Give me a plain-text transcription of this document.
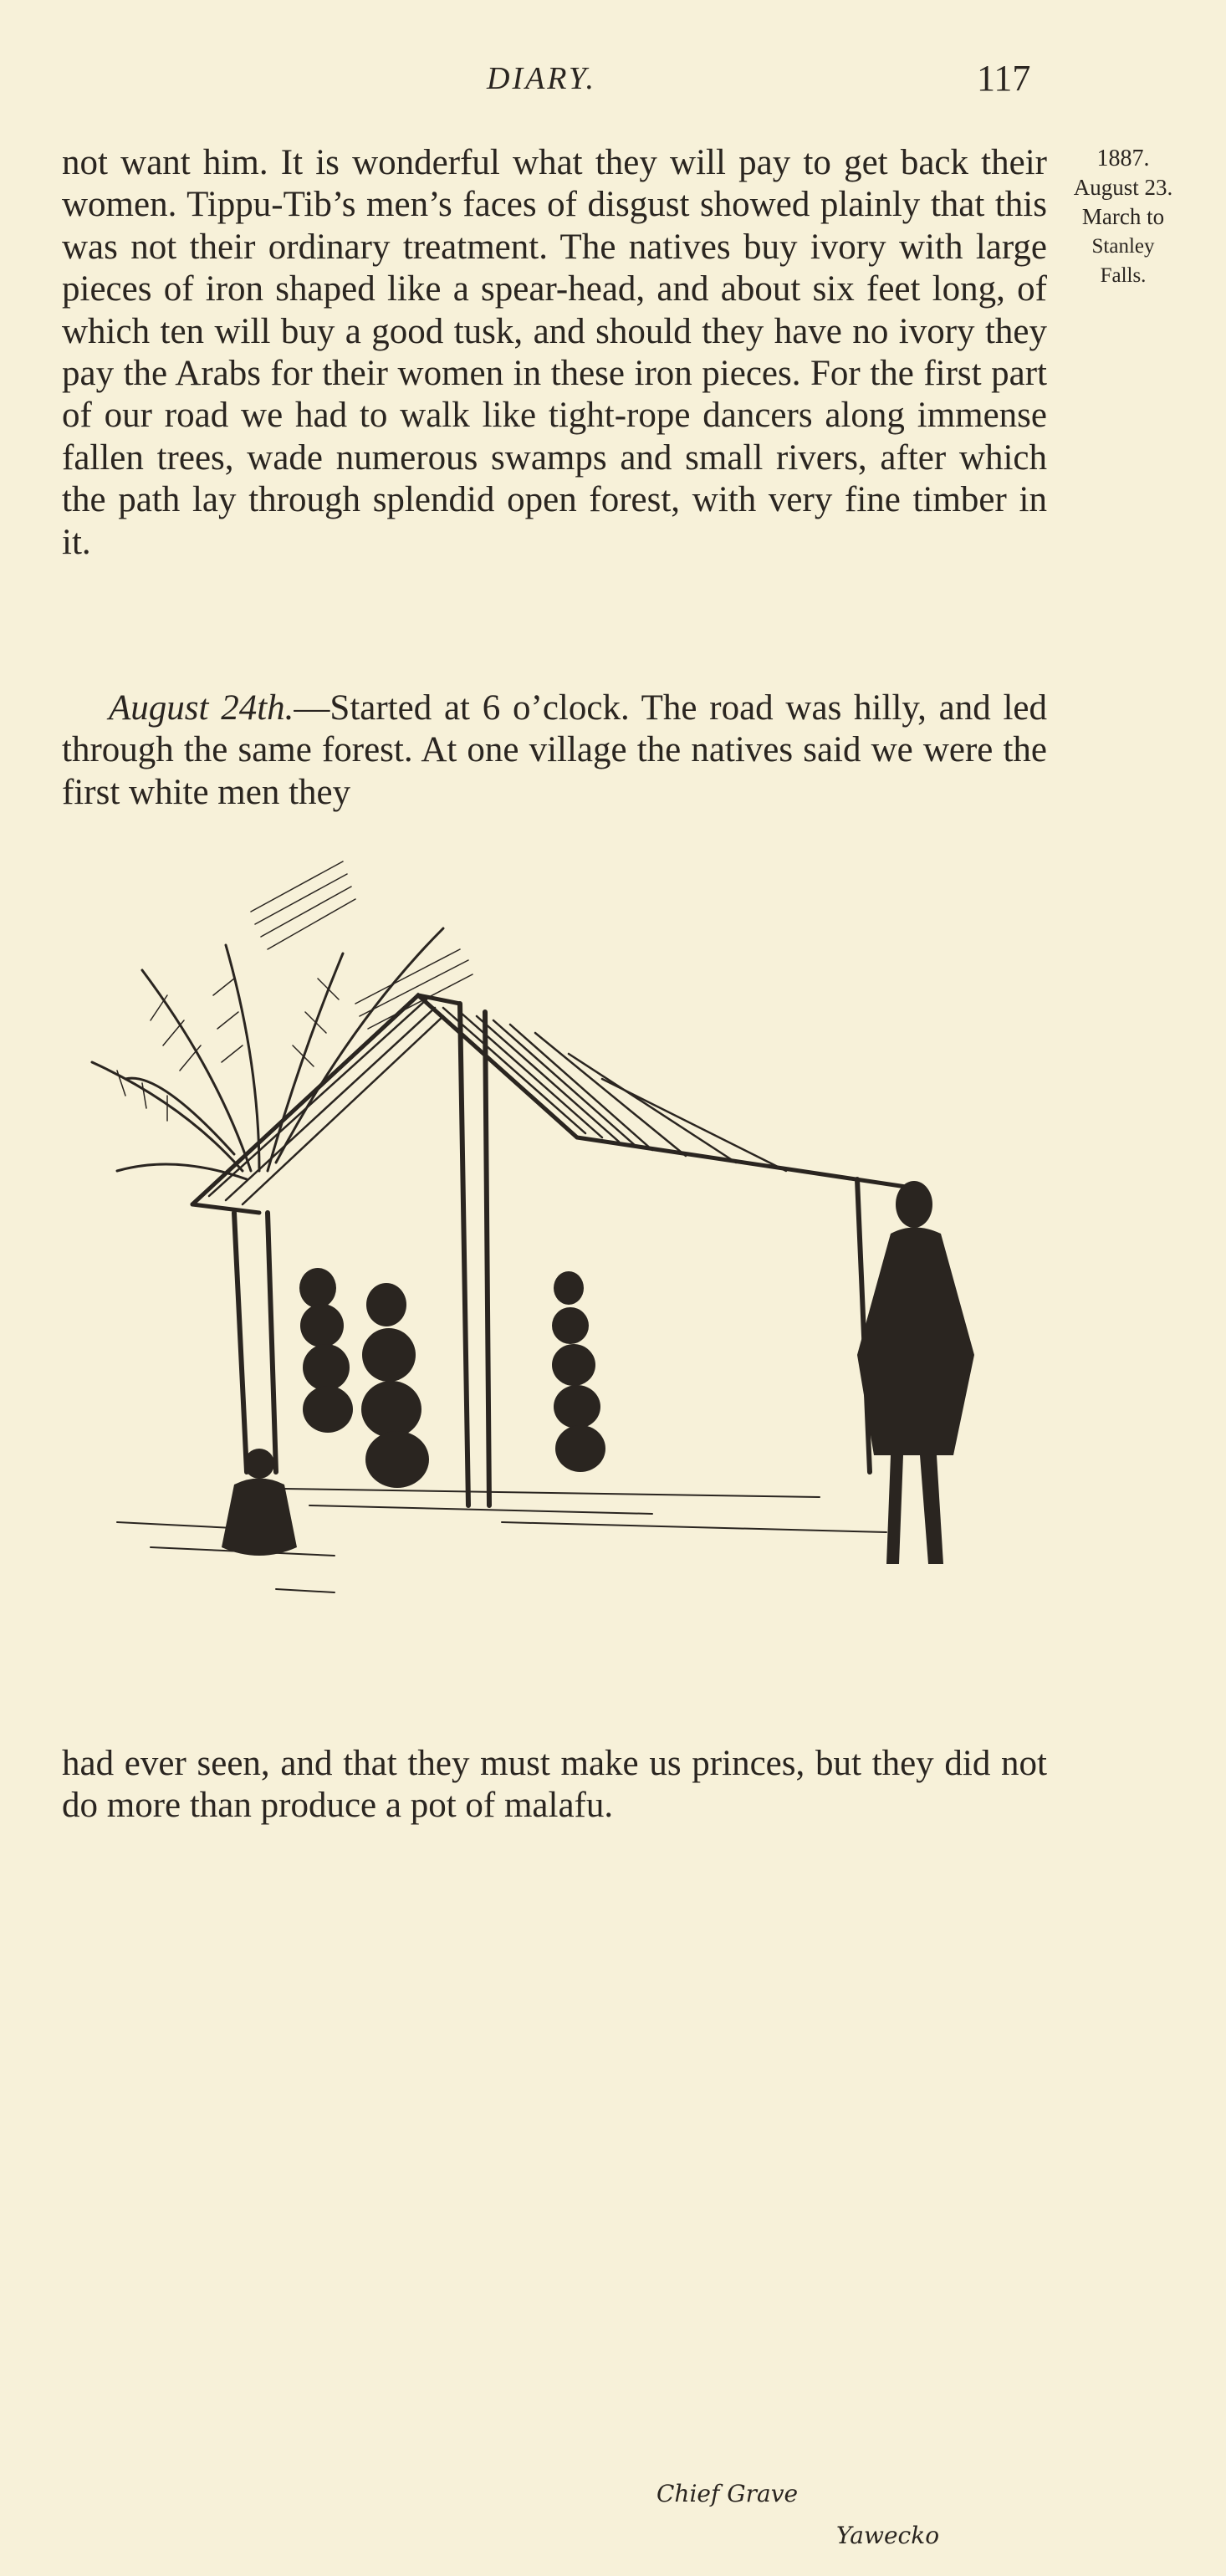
DIARY.	117
1887.
August 23.
March to
Stanley
Falls.

not want him. It is wonderful what they will pay to get back their women. Tippu-Tib’s men’s faces of disgust showed plainly that this was not their ordinary treatment. The natives buy ivory with large pieces of iron shaped like a spear-head, and about six feet long, of which ten will buy a good tusk, and should they have no ivory they pay the Arabs for their women in these iron pieces. For the first part of our road we had to walk like tight-rope dancers along immense fallen trees, wade numerous swamps and small rivers, after which the path lay through splendid open forest, with very fine timber in it.

August 24th.—Started at 6 o’clock. The road was hilly, and led through the same forest. At one village the natives said we were the first white men they

Chief Grave
Yawecko

had ever seen, and that they must make us princes, but they did not do more than produce a pot of malafu.
